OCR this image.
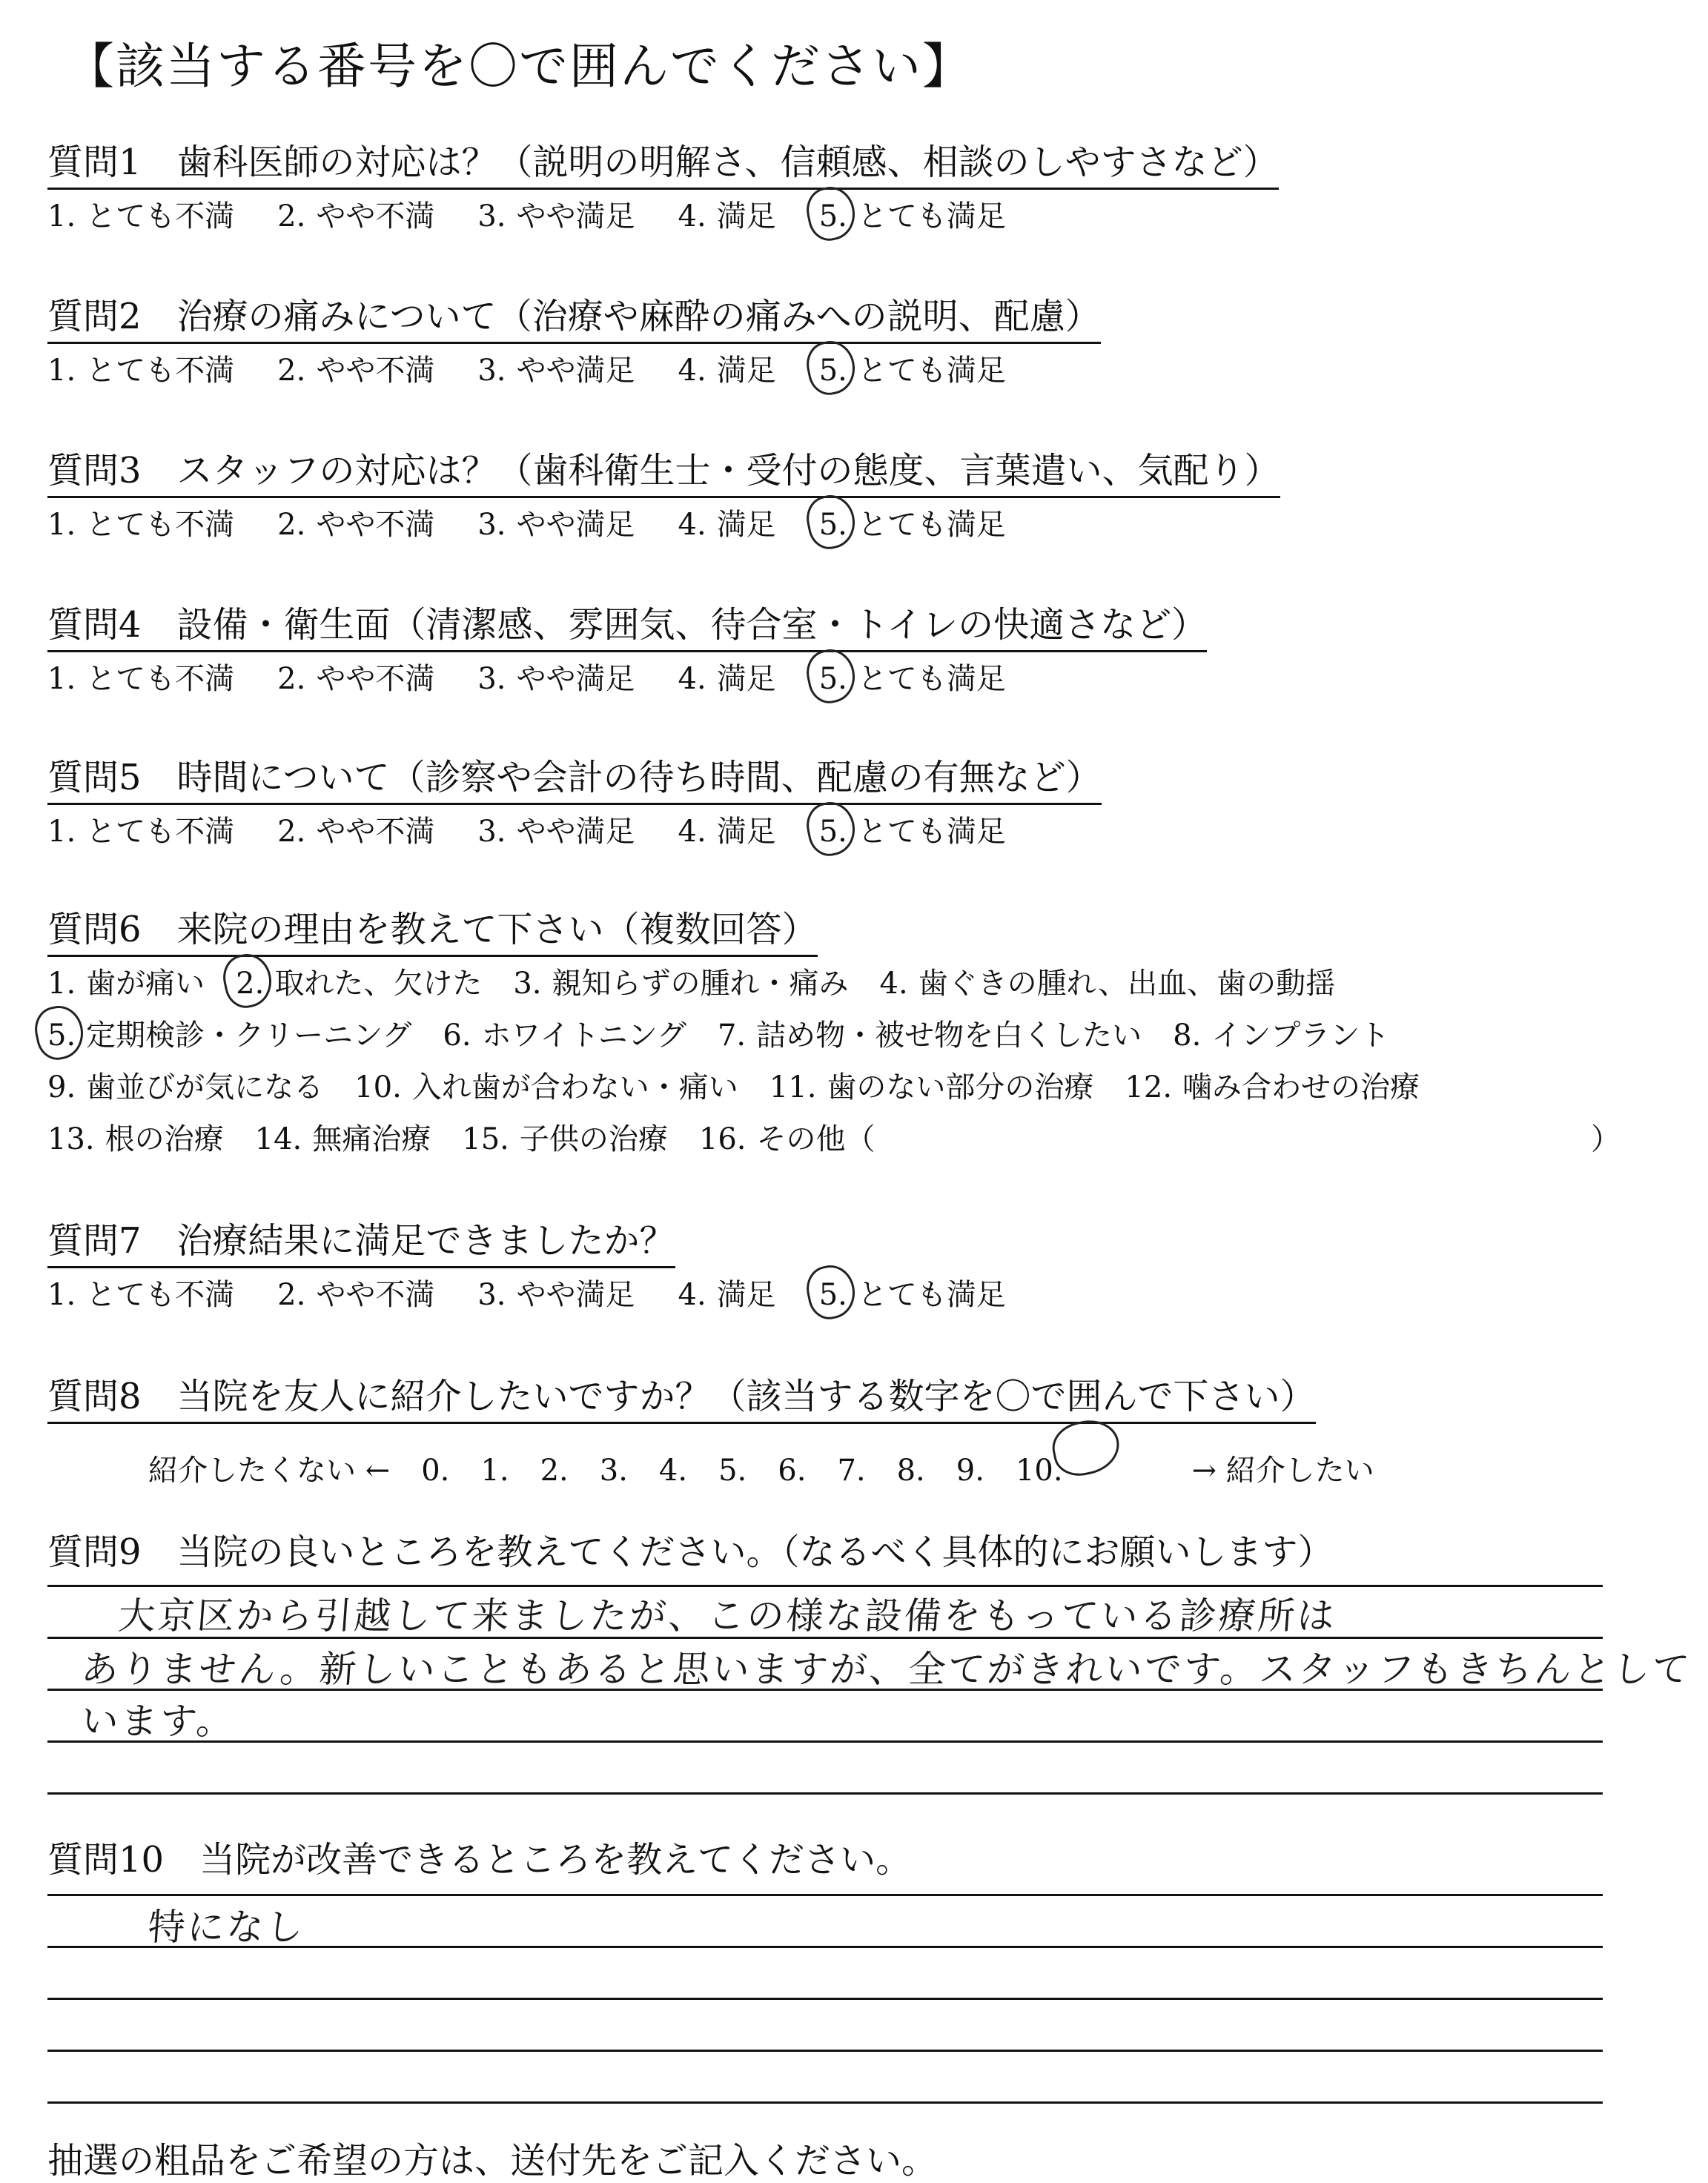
【該当する番号を〇で囲んでください】
質問1　歯科医師の対応は？（説明の明解さ、信頼感、相談のしやすさなど）
1. とても不満 2. やや不満 3. やや満足 4. 満足 5. とても満足
質問2　治療の痛みについて（治療や麻酔の痛みへの説明、配慮）
1. とても不満 2. やや不満 3. やや満足 4. 満足 5. とても満足
質問3　スタッフの対応は？（歯科衛生士・受付の態度、言葉遣い、気配り）
1. とても不満 2. やや不満 3. やや満足 4. 満足 5. とても満足
質問4　設備・衛生面（清潔感、雰囲気、待合室・トイレの快適さなど）
1. とても不満 2. やや不満 3. やや満足 4. 満足 5. とても満足
質問5　時間について（診察や会計の待ち時間、配慮の有無など）
1. とても不満 2. やや不満 3. やや満足 4. 満足 5. とても満足
質問6　来院の理由を教えて下さい（複数回答）
1. 歯が痛い 2. 取れた、欠けた 3. 親知らずの腫れ・痛み 4. 歯ぐきの腫れ、出血、歯の動揺
5. 定期検診・クリーニング 6. ホワイトニング 7. 詰め物・被せ物を白くしたい 8. インプラント
9. 歯並びが気になる 10. 入れ歯が合わない・痛い 11. 歯のない部分の治療 12. 噛み合わせの治療
13. 根の治療 14. 無痛治療 15. 子供の治療 16. その他（	）
質問7　治療結果に満足できましたか？
1. とても不満 2. やや不満 3. やや満足 4. 満足 5. とても満足
質問8　当院を友人に紹介したいですか？（該当する数字を〇で囲んで下さい）
紹介したくない ← 0. 1. 2. 3. 4. 5. 6. 7. 8. 9. 10.	→ 紹介したい
質問9　当院の良いところを教えてください。（なるべく具体的にお願いします）
大京区から引越して来ましたが、この様な設備をもっている診療所は
ありません。新しいこともあると思いますが、全てがきれいです。スタッフもきちんとして
います。
質問10　当院が改善できるところを教えてください。
特になし
抽選の粗品をご希望の方は、送付先をご記入ください。
